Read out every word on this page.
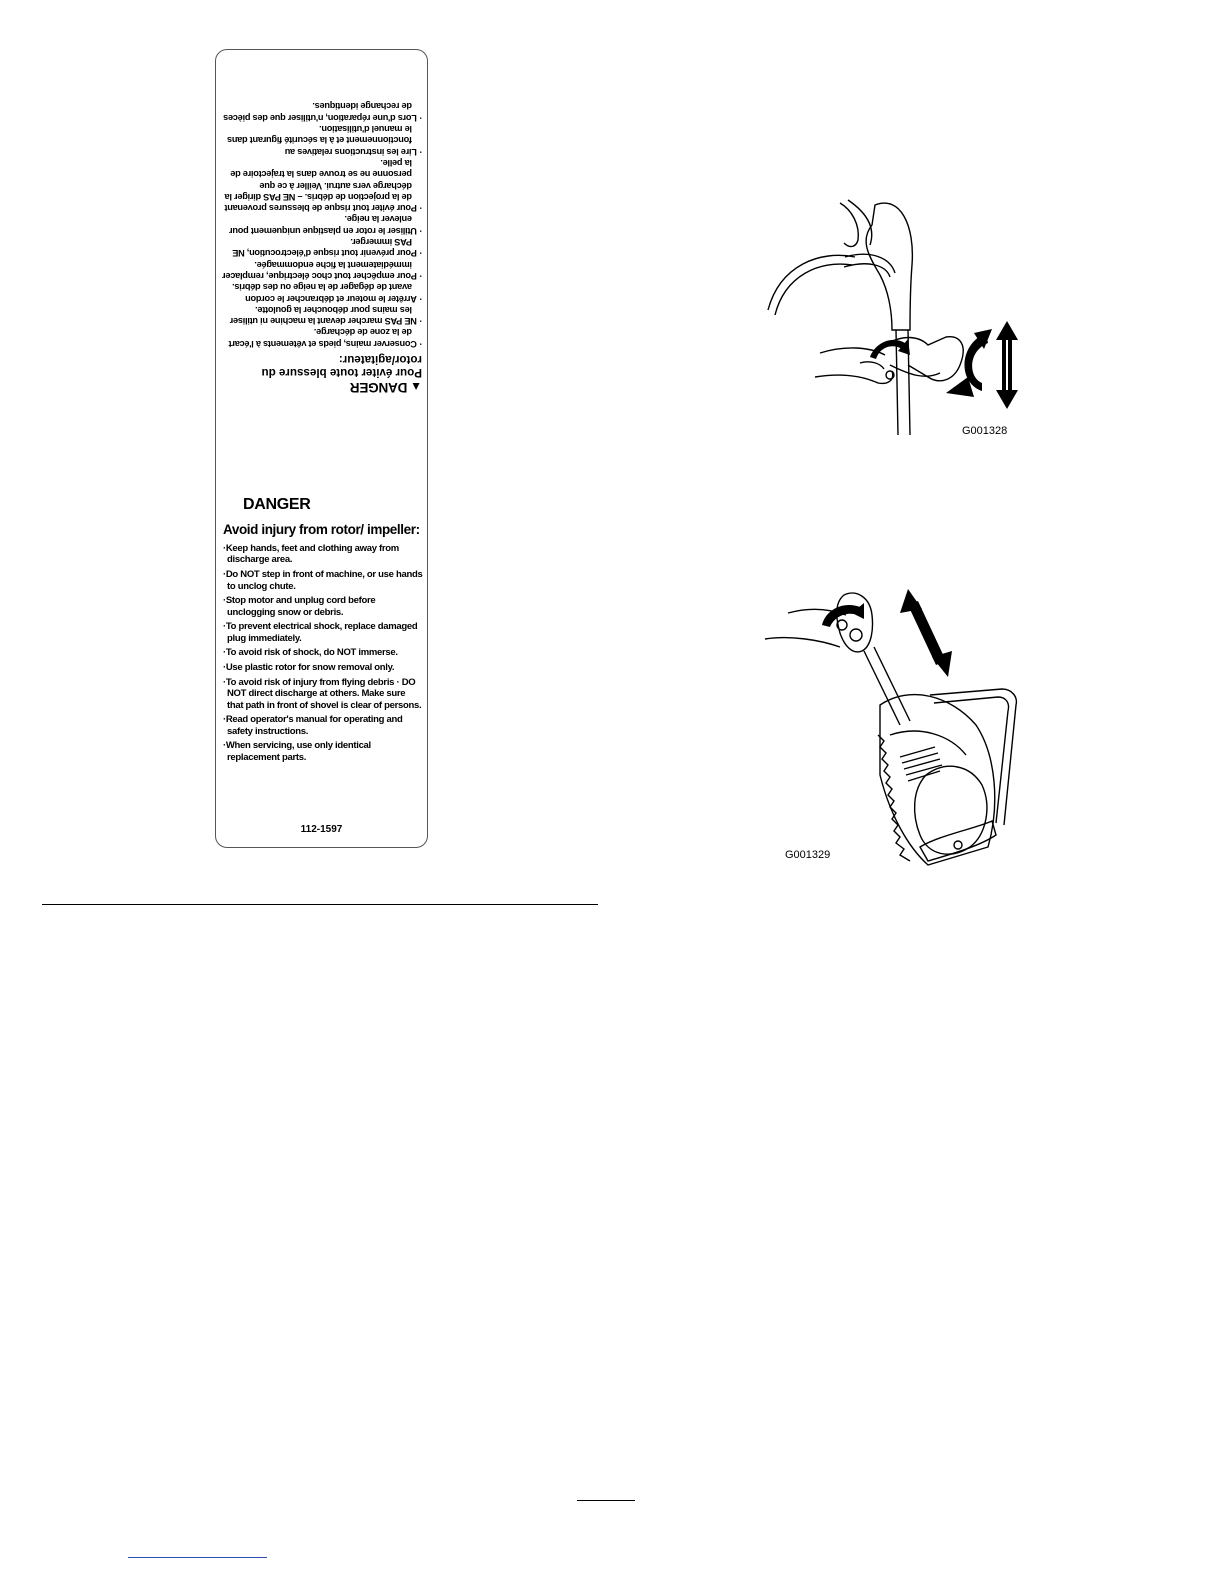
▲DANGER
Pour éviter toute blessure du rotor/agitateur:
· Conserver mains, pieds et vêtements à l'écart de la zone de décharge.
· NE PAS marcher devant la machine ni utiliser les mains pour déboucher la goulotte.
· Arrêter le moteur et débrancher le cordon avant de dégager de la neige ou des débris.
· Pour empêcher tout choc électrique, remplacer immédiatement la fiche endommagée.
· Pour prévenir tout risque d'électrocution, NE PAS immerger.
· Utiliser le rotor en plastique uniquement pour enlever la neige.
· Pour éviter tout risque de blessures provenant de la projection de débris. – NE PAS diriger la décharge vers autrui. Veiller à ce que personne ne se trouve dans la trajectoire de la pelle.
· Lire les instructions relatives au fonctionnement et à la sécurité figurant dans le manuel d'utilisation.
· Lors d'une réparation, n'utiliser que des pièces de rechange identiques.
DANGER
Avoid injury from rotor/ impeller:
· Keep hands, feet and clothing away from discharge area.
· Do NOT step in front of machine, or use hands to unclog chute.
· Stop motor and unplug cord before unclogging snow or debris.
· To prevent electrical shock, replace damaged plug immediately.
· To avoid risk of shock, do NOT immerse.
· Use plastic rotor for snow removal only.
· To avoid risk of injury from flying debris · DO NOT direct discharge at others. Make sure that path in front of shovel is clear of persons.
· Read operator's manual for operating and safety instructions.
· When servicing, use only identical replacement parts.
112-1597
G001328
G001329
